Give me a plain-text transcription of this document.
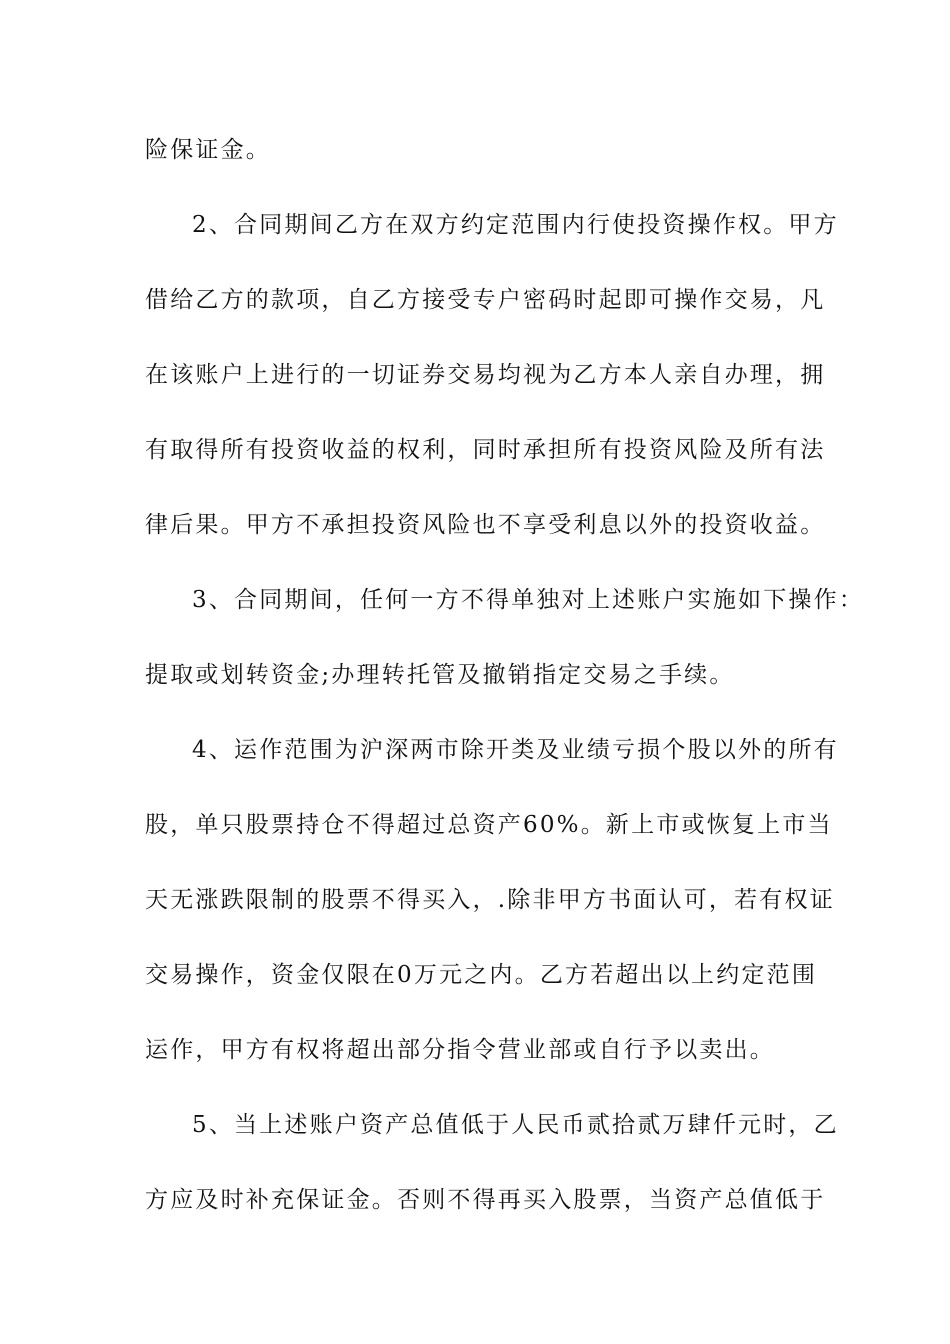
险保证金。
2、合同期间乙方在双方约定范围内行使投资操作权。甲方
借给乙方的款项，自乙方接受专户密码时起即可操作交易，凡
在该账户上进行的一切证券交易均视为乙方本人亲自办理，拥
有取得所有投资收益的权利，同时承担所有投资风险及所有法
律后果。甲方不承担投资风险也不享受利息以外的投资收益。
3、合同期间，任何一方不得单独对上述账户实施如下操作：
提取或划转资金;办理转托管及撤销指定交易之手续。
4、运作范围为沪深两市除开类及业绩亏损个股以外的所有
股，单只股票持仓不得超过总资产60%。新上市或恢复上市当
天无涨跌限制的股票不得买入，.除非甲方书面认可，若有权证
交易操作，资金仅限在0万元之内。乙方若超出以上约定范围
运作，甲方有权将超出部分指令营业部或自行予以卖出。
5、当上述账户资产总值低于人民币贰拾贰万肆仟元时，乙
方应及时补充保证金。否则不得再买入股票，当资产总值低于
